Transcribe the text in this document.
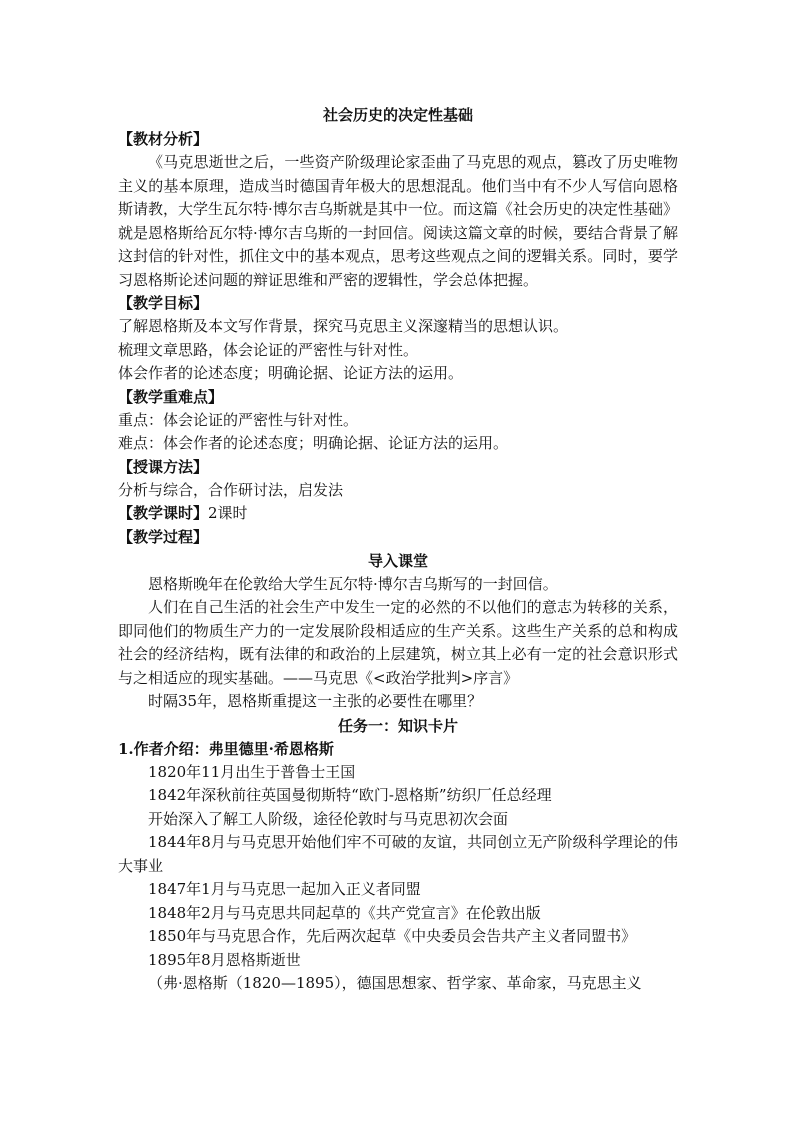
社会历史的决定性基础

【教材分析】

《马克思逝世之后，一些资产阶级理论家歪曲了马克思的观点，篡改了历史唯物主义的基本原理，造成当时德国青年极大的思想混乱。他们当中有不少人写信向恩格斯请教，大学生瓦尔特·博尔吉乌斯就是其中一位。而这篇《社会历史的决定性基础》就是恩格斯给瓦尔特·博尔吉乌斯的一封回信。阅读这篇文章的时候，要结合背景了解这封信的针对性，抓住文中的基本观点，思考这些观点之间的逻辑关系。同时，要学习恩格斯论述问题的辩证思维和严密的逻辑性，学会总体把握。

【教学目标】

了解恩格斯及本文写作背景，探究马克思主义深邃精当的思想认识。

梳理文章思路，体会论证的严密性与针对性。

体会作者的论述态度；明确论据、论证方法的运用。

【教学重难点】

重点：体会论证的严密性与针对性。

难点：体会作者的论述态度；明确论据、论证方法的运用。

【授课方法】

分析与综合，合作研讨法，启发法

【教学课时】2课时

【教学过程】

导入课堂

恩格斯晚年在伦敦给大学生瓦尔特·博尔吉乌斯写的一封回信。

人们在自己生活的社会生产中发生一定的必然的不以他们的意志为转移的关系，即同他们的物质生产力的一定发展阶段相适应的生产关系。这些生产关系的总和构成社会的经济结构，既有法律的和政治的上层建筑，树立其上必有一定的社会意识形式与之相适应的现实基础。——马克思《<政治学批判>序言》

时隔35年，恩格斯重提这一主张的必要性在哪里？

任务一：知识卡片

1.作者介绍：弗里德里·希恩格斯

1820年11月出生于普鲁士王国

1842年深秋前往英国曼彻斯特“欧门-恩格斯”纺织厂任总经理

开始深入了解工人阶级，途径伦敦时与马克思初次会面

1844年8月与马克思开始他们牢不可破的友谊，共同创立无产阶级科学理论的伟大事业

1847年1月与马克思一起加入正义者同盟

1848年2月与马克思共同起草的《共产党宣言》在伦敦出版

1850年与马克思合作，先后两次起草《中央委员会告共产主义者同盟书》

1895年8月恩格斯逝世

（弗·恩格斯（1820—1895），德国思想家、哲学家、革命家，马克思主义
